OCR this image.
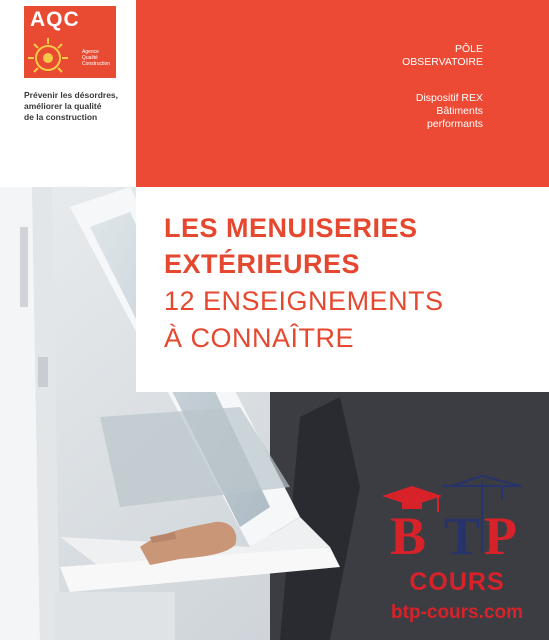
AQC
Agence
Qualité
Construction
Prévenir les désordres,
améliorer la qualité
de la construction
PÔLE
OBSERVATOIRE
Dispositif REX
Bâtiments
performants
LES MENUISERIES
EXTÉRIEURES
12 ENSEIGNEMENTS
À CONNAÎTRE
B T P
COURS
btp-cours.com
